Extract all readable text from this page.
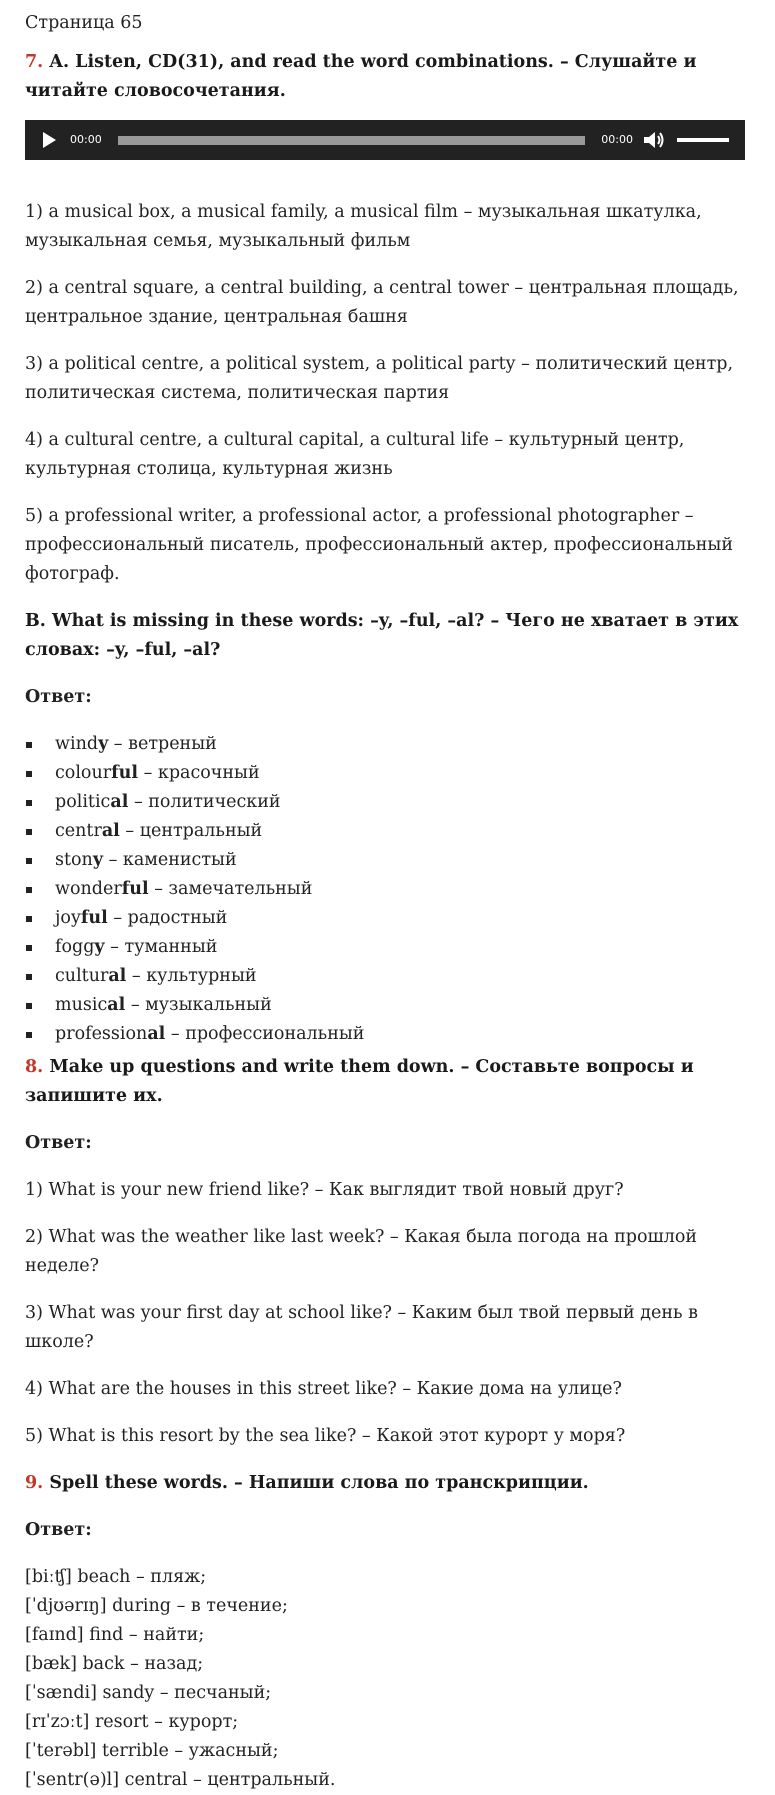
Страница 65

7. A. Listen, CD(31), and read the word combinations. – Слушайте и читайте словосочетания.

00:00	00:00

1) a musical box, a musical family, a musical film – музыкальная шкатулка, музыкальная семья, музыкальный фильм

2) a central square, a central building, a central tower – центральная площадь, центральное здание, центральная башня

3) a political centre, a political system, a political party – политический центр, политическая система, политическая партия

4) a cultural centre, a cultural capital, a cultural life – культурный центр, культурная столица, культурная жизнь

5) a professional writer, a professional actor, a professional photographer – профессиональный писатель, профессиональный актер, профессиональный фотограф.

B. What is missing in these words: –y, –ful, –al? – Чего не хватает в этих словах: –y, –ful, –al?

Ответ:

windy – ветреный
colourful – красочный
political – политический
central – центральный
stony – каменистый
wonderful – замечательный
joyful – радостный
foggy – туманный
cultural – культурный
musical – музыкальный
professional – профессиональный

8. Make up questions and write them down. – Составьте вопросы и запишите их.

Ответ:

1) What is your new friend like? – Как выглядит твой новый друг?

2) What was the weather like last week? – Какая была погода на прошлой неделе?

3) What was your first day at school like? – Каким был твой первый день в школе?

4) What are the houses in this street like? – Какие дома на улице?

5) What is this resort by the sea like? – Какой этот курорт у моря?

9. Spell these words. – Напиши слова по транскрипции.

Ответ:

[biːʧ] beach – пляж;

[ˈdjʊərɪŋ] during – в течение;

[faɪnd] find – найти;

[bæk] back – назад;

[ˈsændi] sandy – песчаный;

[rɪˈzɔːt] resort – курорт;

[ˈterəbl] terrible – ужасный;

[ˈsentr(ə)l] central – центральный.
